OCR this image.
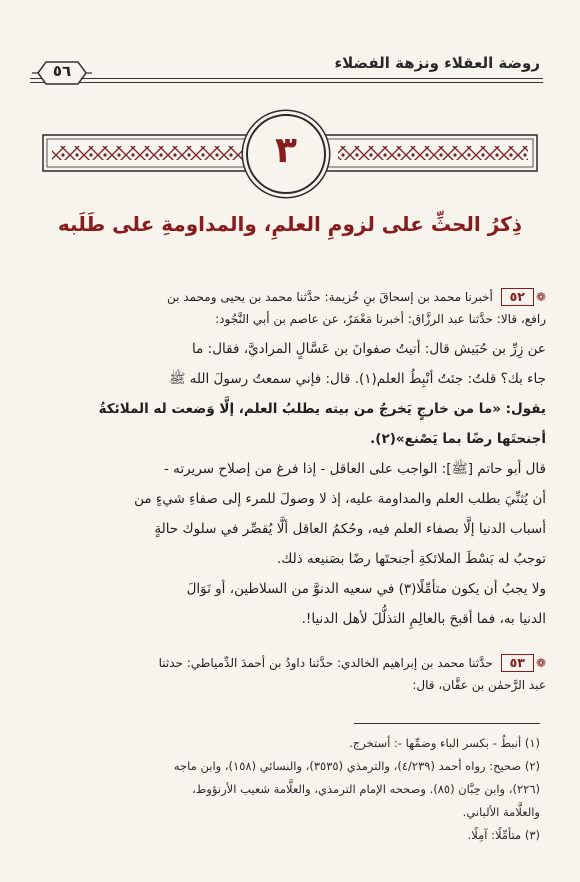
روضة العقلاء ونزهة الفضلاء
٥٦
٣
ذِكرُ الحثِّ على لزومِ العلمِ، والمداومةِ على طَلَبه
❁٥٢ أخبرنا محمد بن إسحاقَ بنِ خُزيمة: حدَّثنا محمد بن يحيى ومحمد بن
رافع، قالا: حدَّثنا عبد الرزَّاق: أخبرنا مَعْمَرٌ، عن عاصم بن أبي النَّجُود:
عن زِرِّ بن حُبَيش قال: أتيتُ صفوانَ بن عَسَّالٍ المراديَّ، فقال: ما
جاء بك؟ قلتُ: جئتُ أنْبِطُ العلم(١). قال: فإني سمعتُ رسولَ الله ﷺ
يقول: «ما من خارجٍ يَخرجُ من بيته يطلبُ العلم، إلَّا وَضعت له الملائكةُ
أجنحتَها رضًا بما يَصْنع»(٢).
قال أبو حاتم [ﷺ]: الواجب على العاقل - إذا فرغ من إصلاح سريرته -
أن يُثنِّيَ بطلب العلم والمداومة عليه، إذ لا وصولَ للمرء إلى صفاءِ شيءٍ من
أسباب الدنيا إلَّا بصفاء العلم فيه، وحُكمُ العاقل ألَّا يُقصِّر في سلوك حالةٍ
توجبُ له بَسْطَ الملائكةِ أجنحتَها رضًا بصَنيعه ذلك.
ولا يجبُ أن يكون متأمِّلًا(٣) في سعيه الدنوَّ من السلاطين، أو نَوَالَ
الدنيا به، فما أقبحَ بالعالِمِ التذلُّلَ لأهل الدنيا!.
❁٥٣ حدَّثنا محمد بن إبراهيم الخالدي: حدَّثنا داودُ بن أحمدَ الدِّمياطي: حدثنا
عبد الرَّحمٰن بن عفَّان، قال:
(١) أنبطُ - بكسر الباء وضمِّها -: أستخرج.
(٢) صحيح: رواه أحمد (٤/٢٣٩)، والترمذي (٣٥٣٥)، والنسائي (١٥٨)، وابن ماجه
(٢٢٦)، وابن حِبَّان (٨٥). وصححه الإمام الترمذي، والعلَّامة شعيب الأرنؤوط،
والعلَّامة الألباني.
(٣) متأمِّلًا: آمِلًا.
